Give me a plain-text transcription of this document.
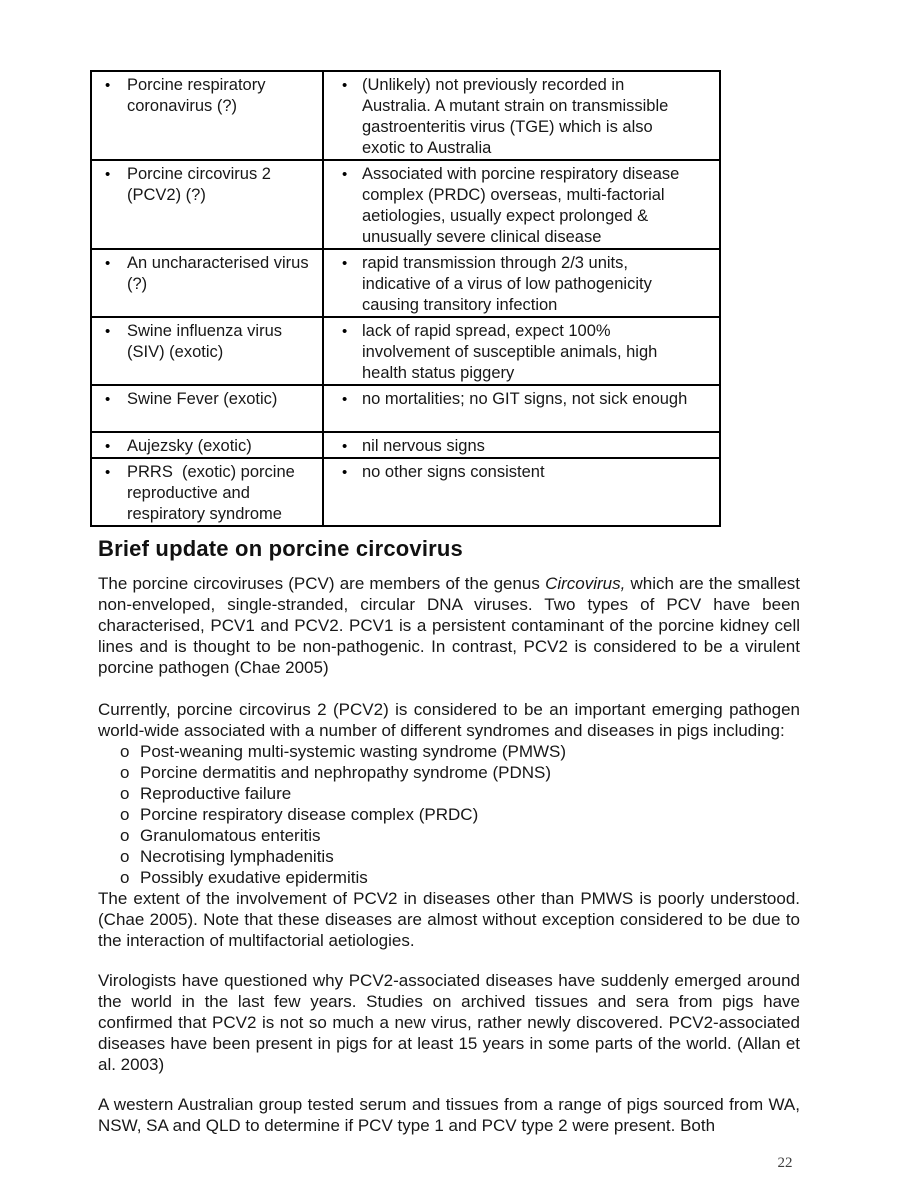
• Porcine respiratory coronavirus (?)	• (Unlikely) not previously recorded in Australia. A mutant strain on transmissible gastroenteritis virus (TGE) which is also exotic to Australia

• Porcine circovirus 2 (PCV2) (?)	• Associated with porcine respiratory disease complex (PRDC) overseas, multi-factorial aetiologies, usually expect prolonged & unusually severe clinical disease

• An uncharacterised virus (?)	• rapid transmission through 2/3 units, indicative of a virus of low pathogenicity causing transitory infection

• Swine influenza virus (SIV) (exotic)	• lack of rapid spread, expect 100% involvement of susceptible animals, high health status piggery

• Swine Fever (exotic)	• no mortalities; no GIT signs, not sick enough

• Aujezsky (exotic)	• nil nervous signs

• PRRS  (exotic) porcine reproductive and respiratory syndrome	• no other signs consistent
Brief update on porcine circovirus

The porcine circoviruses (PCV) are members of the genus Circovirus, which are the smallest non-enveloped, single-stranded, circular DNA viruses. Two types of PCV have been characterised, PCV1 and PCV2. PCV1 is a persistent contaminant of the porcine kidney cell lines and is thought to be non-pathogenic. In contrast, PCV2 is considered to be a virulent porcine pathogen (Chae 2005)

Currently, porcine circovirus 2 (PCV2) is considered to be an important emerging pathogen world-wide associated with a number of different syndromes and diseases in pigs including:

o Post-weaning multi-systemic wasting syndrome (PMWS)
o Porcine dermatitis and nephropathy syndrome (PDNS)
o Reproductive failure
o Porcine respiratory disease complex (PRDC)
o Granulomatous enteritis
o Necrotising lymphadenitis
o Possibly exudative epidermitis

The extent of the involvement of PCV2 in diseases other than PMWS is poorly understood. (Chae 2005). Note that these diseases are almost without exception considered to be due to the interaction of multifactorial aetiologies.

Virologists have questioned why PCV2-associated diseases have suddenly emerged around the world in the last few years. Studies on archived tissues and sera from pigs have confirmed that PCV2 is not so much a new virus, rather newly discovered. PCV2-associated diseases have been present in pigs for at least 15 years in some parts of the world. (Allan et al. 2003)

A western Australian group tested serum and tissues from a range of pigs sourced from WA, NSW, SA and QLD to determine if PCV type 1 and PCV type 2 were present. Both

22
